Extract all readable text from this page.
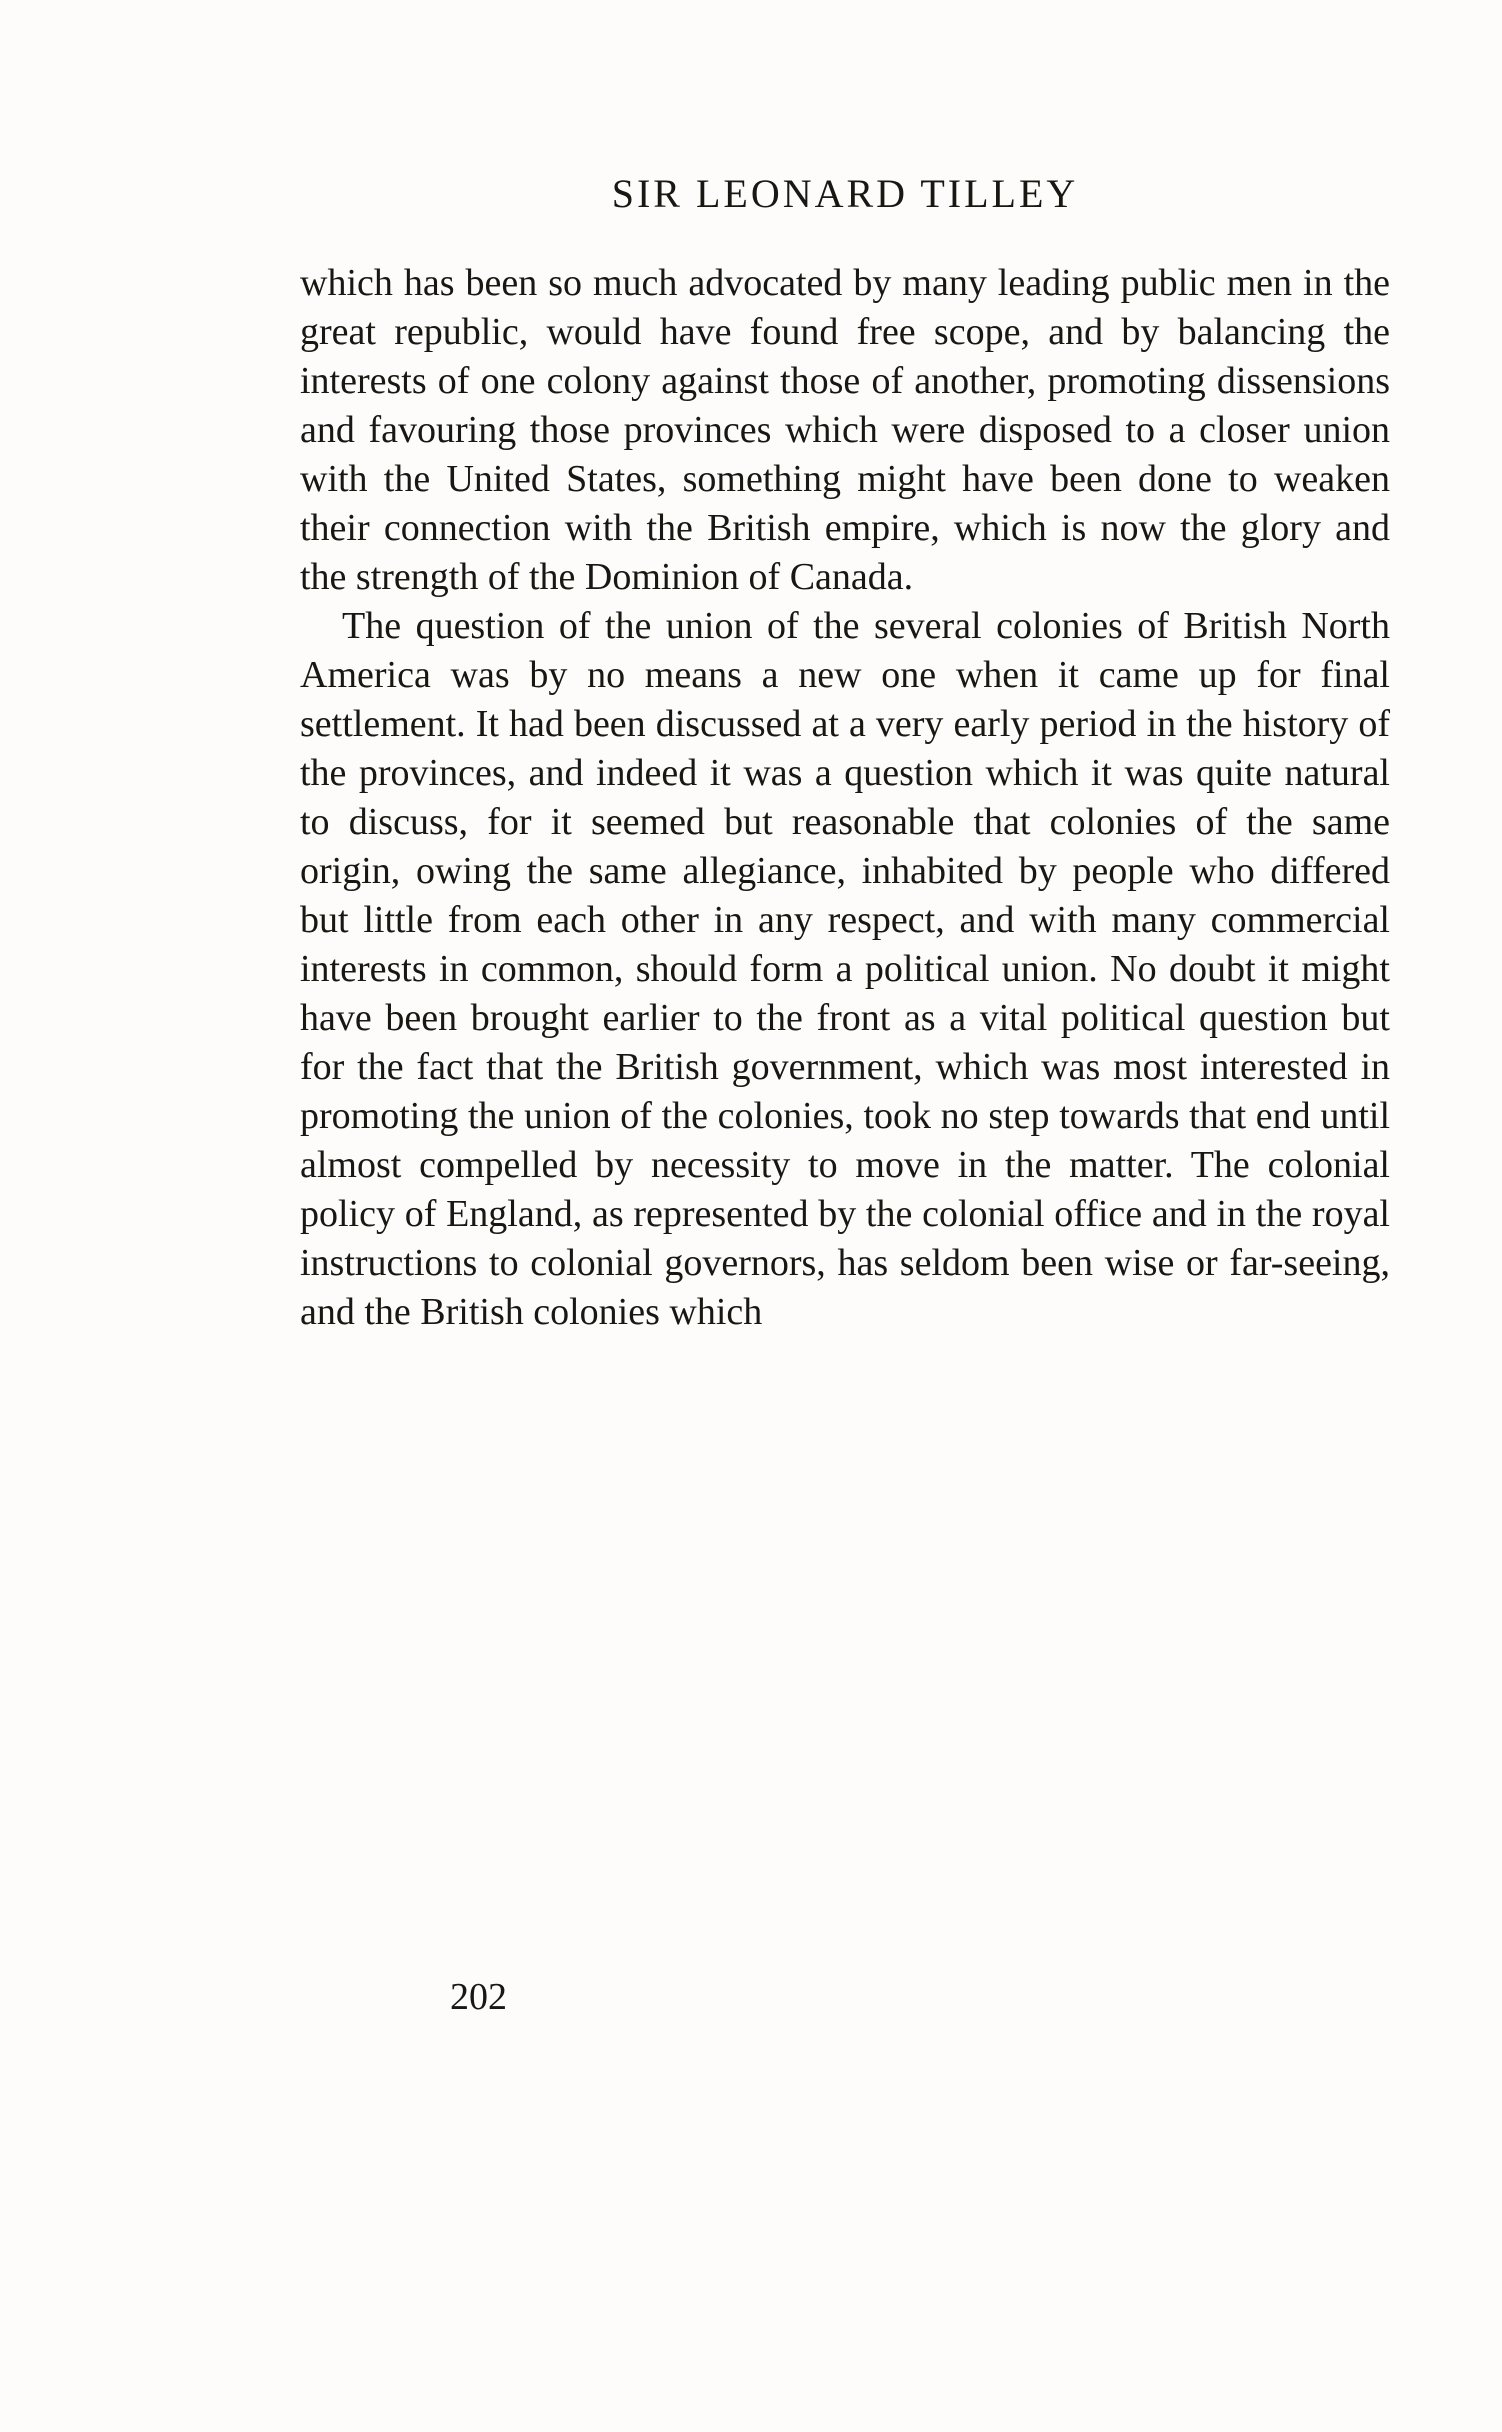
SIR LEONARD TILLEY

which has been so much advocated by many leading public men in the great republic, would have found free scope, and by balancing the interests of one colony against those of another, promoting dissensions and favouring those provinces which were disposed to a closer union with the United States, something might have been done to weaken their connection with the British empire, which is now the glory and the strength of the Dominion of Canada.

The question of the union of the several colonies of British North America was by no means a new one when it came up for final settlement. It had been discussed at a very early period in the history of the provinces, and indeed it was a question which it was quite natural to discuss, for it seemed but reasonable that colonies of the same origin, owing the same allegiance, inhabited by people who differed but little from each other in any respect, and with many commercial interests in common, should form a political union. No doubt it might have been brought earlier to the front as a vital political question but for the fact that the British government, which was most interested in promoting the union of the colonies, took no step towards that end until almost compelled by necessity to move in the matter. The colonial policy of England, as represented by the colonial office and in the royal instructions to colonial governors, has seldom been wise or far-seeing, and the British colonies which

202
